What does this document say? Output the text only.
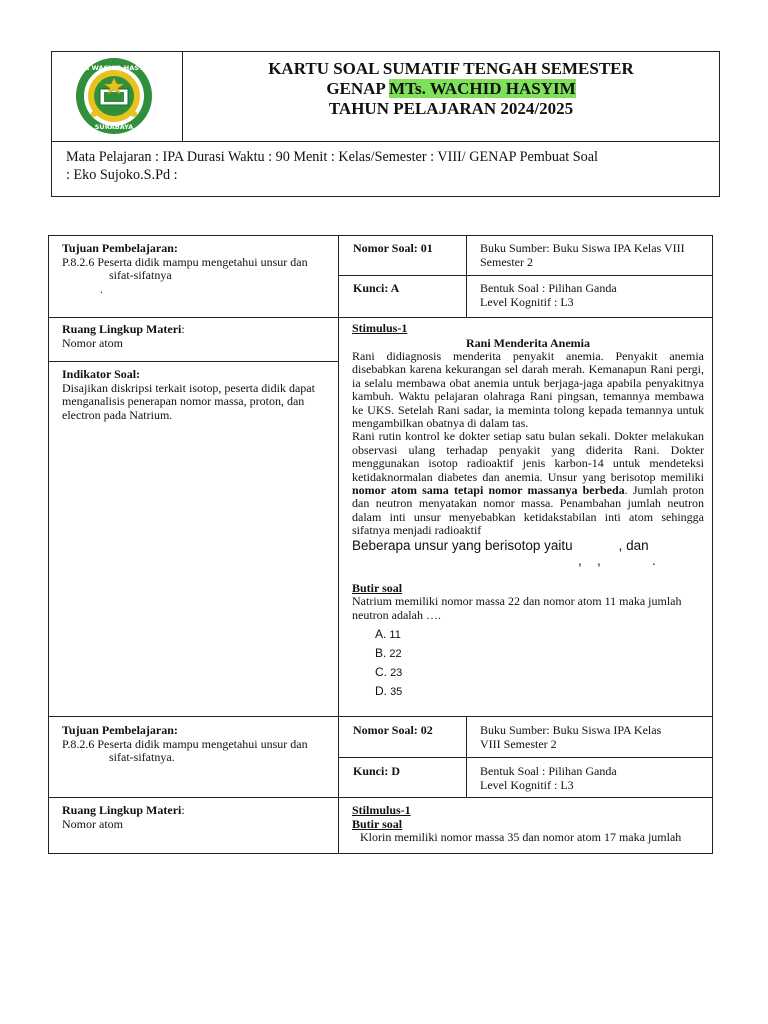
MTs WACHID HASYIM
SURABAYA
KARTU SOAL SUMATIF TENGAH SEMESTER
GENAP MTs. WACHID HASYIM
TAHUN PELAJARAN 2024/2025
Mata Pelajaran : IPA Durasi Waktu : 90 Menit : Kelas/Semester : VIII/ GENAP Pembuat Soal
: Eko Sujoko.S.Pd :
Tujuan Pembelajaran:
P.8.2.6 Peserta didik mampu mengetahui unsur dan
sifat-sifatnya
.
Nomor Soal: 01	Buku Sumber: Buku Siswa IPA Kelas VIII
Semester 2
Kunci: A	Bentuk Soal : Pilihan Ganda
Level Kognitif : L3
Ruang Lingkup Materi:
Nomor atom
Indikator Soal:
Disajikan diskripsi terkait isotop, peserta didik dapat menganalisis penerapan nomor massa, proton, dan electron pada Natrium.
Stimulus-1
Rani Menderita Anemia
Rani didiagnosis menderita penyakit anemia. Penyakit anemia disebabkan karena kekurangan sel darah merah. Kemanapun Rani pergi, ia selalu membawa obat anemia untuk berjaga-jaga apabila penyakitnya kambuh. Waktu pelajaran olahraga Rani pingsan, temannya membawa ke UKS. Setelah Rani sadar, ia meminta tolong kepada temannya untuk mengambilkan obatnya di dalam tas.
Rani rutin kontrol ke dokter setiap satu bulan sekali. Dokter melakukan observasi ulang terhadap penyakit yang diderita Rani. Dokter menggunakan isotop radioaktif jenis karbon-14 untuk mendeteksi ketidaknormalan diabetes dan anemia. Unsur yang berisotop memiliki nomor atom sama tetapi nomor massanya berbeda. Jumlah proton dan neutron menyatakan nomor massa. Penambahan jumlah neutron dalam inti unsur menyebabkan ketidakstabilan inti atom sehingga sifatnya menjadi radioaktif
Beberapa unsur yang berisotop yaitu	, dan
, ,	.
Butir soal
Natrium memiliki nomor massa 22 dan nomor atom 11 maka jumlah neutron adalah ….
A. 11
B. 22
C. 23
D. 35
Tujuan Pembelajaran:
P.8.2.6 Peserta didik mampu mengetahui unsur dan
sifat-sifatnya.
Nomor Soal: 02	Buku Sumber: Buku Siswa IPA Kelas
VIII Semester 2
Kunci: D	Bentuk Soal : Pilihan Ganda
Level Kognitif : L3
Ruang Lingkup Materi:
Nomor atom
Stilmulus-1
Butir soal
Klorin memiliki nomor massa 35 dan nomor atom 17 maka jumlah
